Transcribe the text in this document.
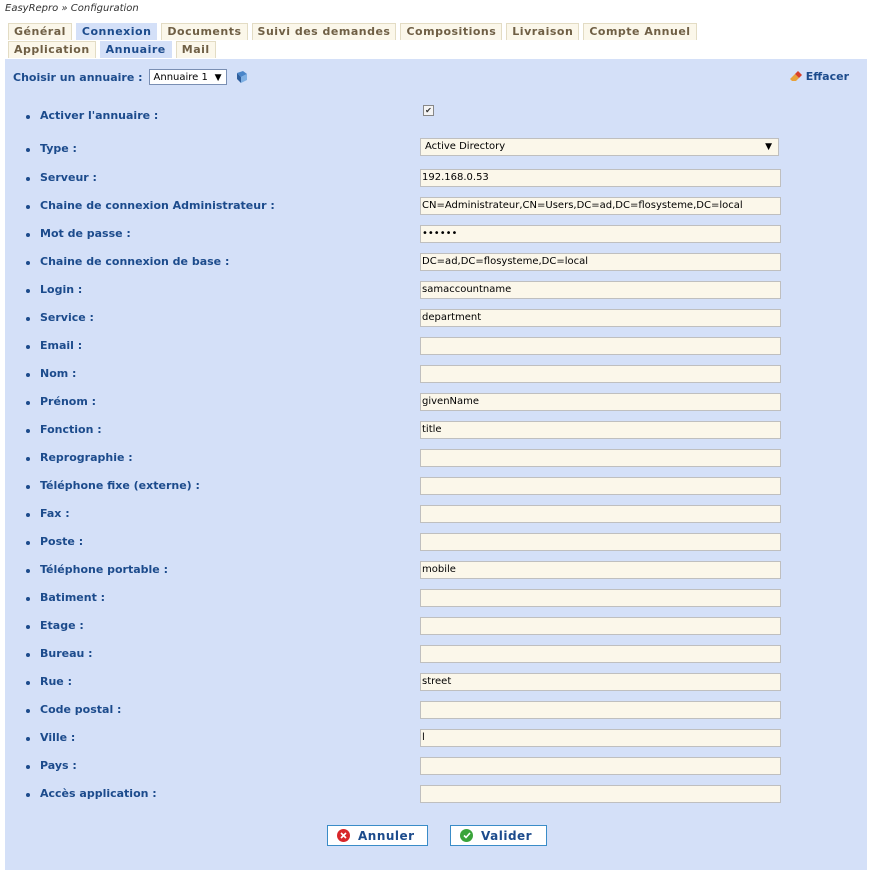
EasyRepro » Configuration
Général	Connexion	Documents	Suivi des demandes	Compositions	Livraison	Compte Annuel
Application	Annuaire	Mail
Choisir un annuaire :	Annuaire 1 ▼	Effacer
Activer l'annuaire :	✔
Type :	Active Directory	▼
Serveur :	192.168.0.53
Chaine de connexion Administrateur :	CN=Administrateur,CN=Users,DC=ad,DC=flosysteme,DC=local
Mot de passe :	••••••
Chaine de connexion de base :	DC=ad,DC=flosysteme,DC=local
Login :	samaccountname
Service :	department
Email :
Nom :
Prénom :	givenName
Fonction :	title
Reprographie :
Téléphone fixe (externe) :
Fax :
Poste :
Téléphone portable :	mobile
Batiment :
Etage :
Bureau :
Rue :	street
Code postal :
Ville :	l
Pays :
Accès application :
Annuler	Valider
